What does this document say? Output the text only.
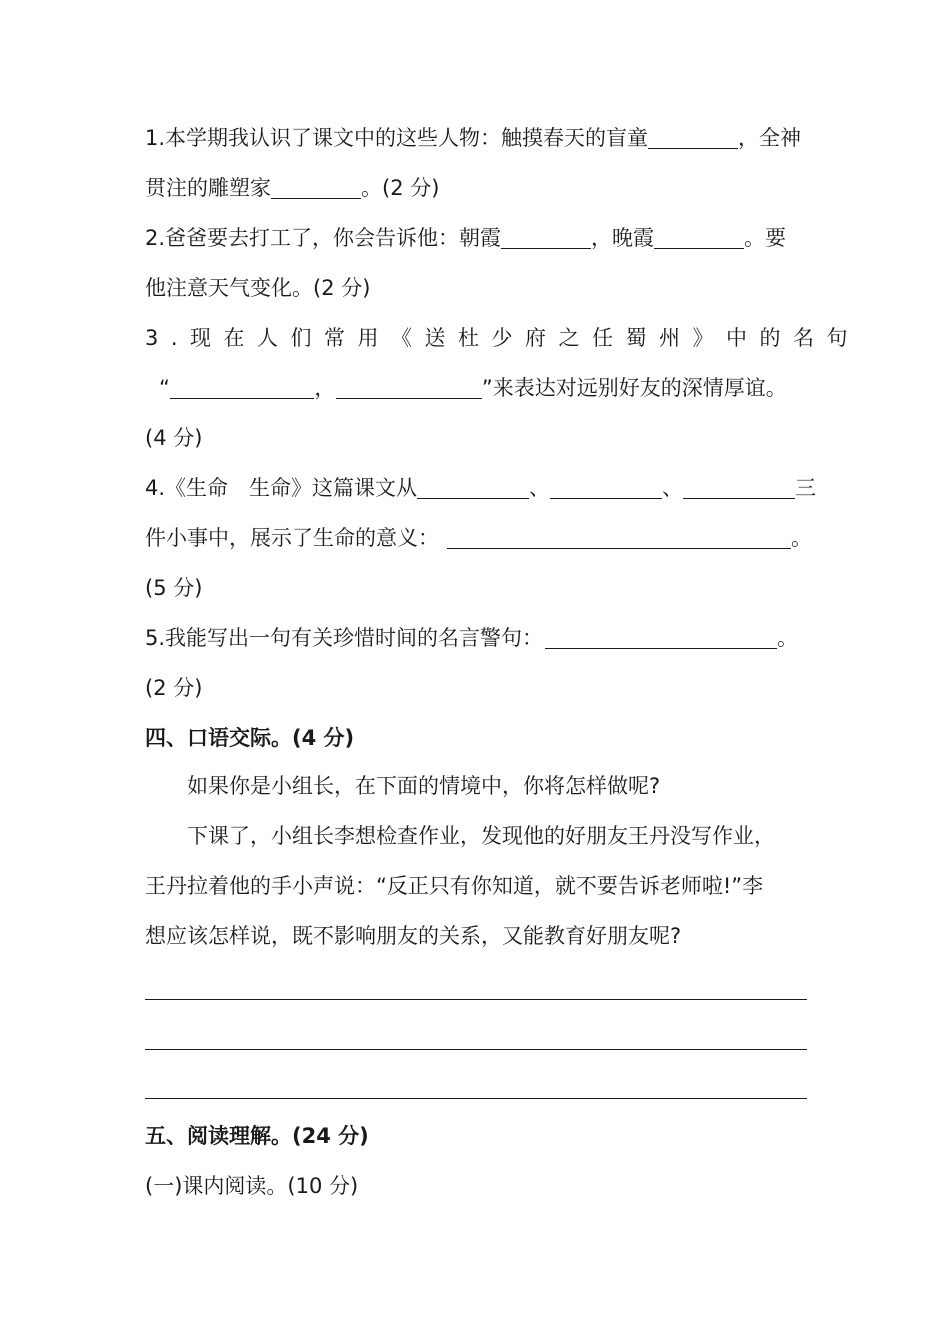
1.本学期我认识了课文中的这些人物：触摸春天的盲童	，全神
贯注的雕塑家	。(2 分)
2.爸爸要去打工了，你会告诉他：朝霞	，晚霞	。要
他注意天气变化。(2 分)
3.现在人们常用《送杜少府之任蜀州》中的名句
“	，	”来表达对远别好友的深情厚谊。
(4 分)
4.《生命　生命》这篇课文从	、	、	三
件小事中，展示了生命的意义：	。
(5 分)
5.我能写出一句有关珍惜时间的名言警句：	。
(2 分)
四、口语交际。(4 分)
如果你是小组长，在下面的情境中，你将怎样做呢?
下课了，小组长李想检查作业，发现他的好朋友王丹没写作业，
王丹拉着他的手小声说：“反正只有你知道，就不要告诉老师啦!”李
想应该怎样说，既不影响朋友的关系，又能教育好朋友呢?
五、阅读理解。(24 分)
(一)课内阅读。(10 分)
